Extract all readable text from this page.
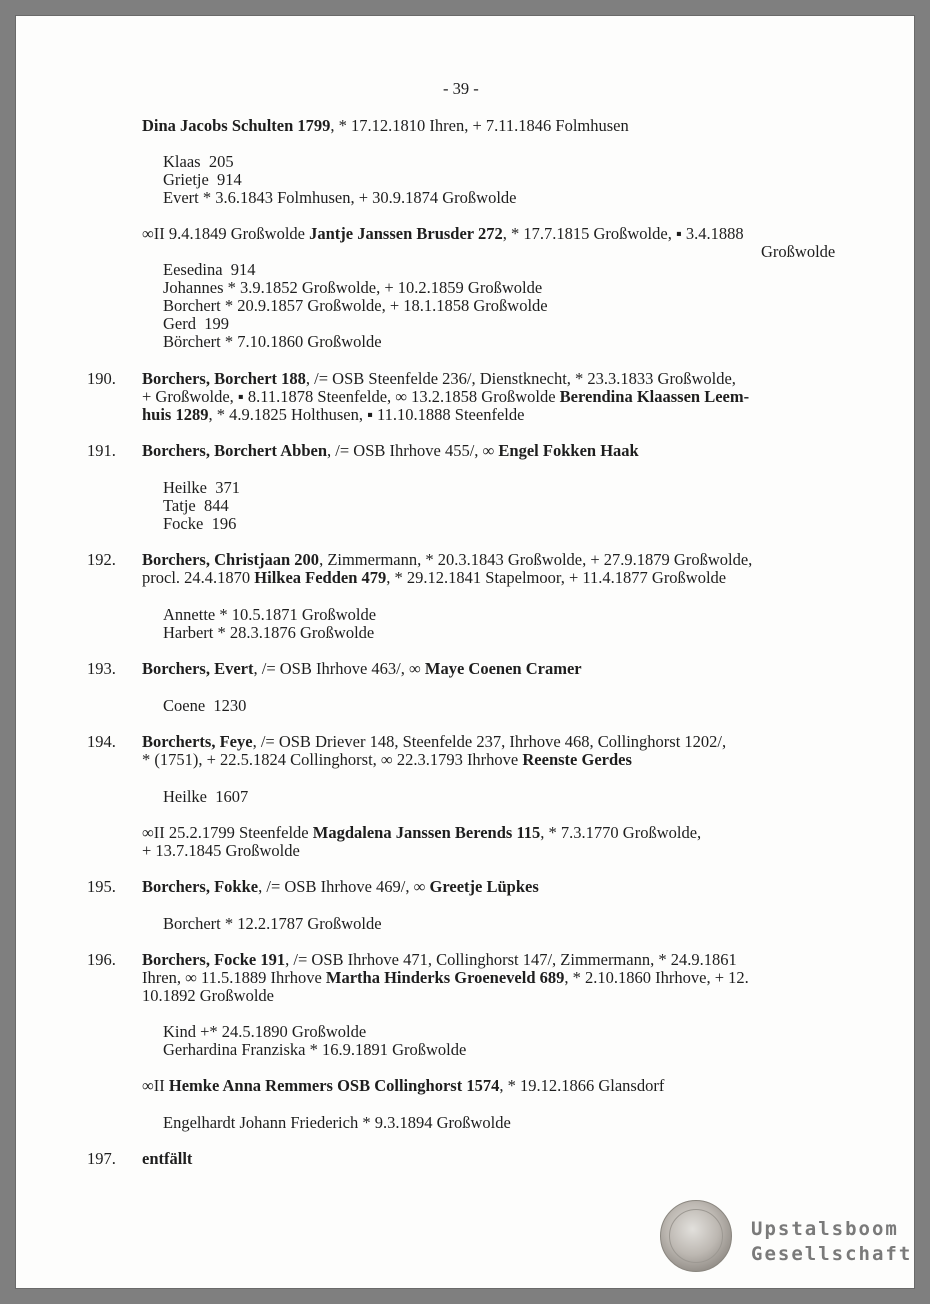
- 39 -
Dina Jacobs Schulten 1799, * 17.12.1810 Ihren, + 7.11.1846 Folmhusen
Klaas  205
Grietje  914
Evert * 3.6.1843 Folmhusen, + 30.9.1874 Großwolde
∞II 9.4.1849 Großwolde Jantje Janssen Brusder 272, * 17.7.1815 Großwolde, ▪ 3.4.1888
Großwolde
Eesedina  914
Johannes * 3.9.1852 Großwolde, + 10.2.1859 Großwolde
Borchert * 20.9.1857 Großwolde, + 18.1.1858 Großwolde
Gerd  199
Börchert * 7.10.1860 Großwolde
Borchers, Borchert 188, /= OSB Steenfelde 236/, Dienstknecht, * 23.3.1833 Großwolde,
+ Großwolde, ▪ 8.11.1878 Steenfelde, ∞ 13.2.1858 Großwolde Berendina Klaassen Leem-
huis 1289, * 4.9.1825 Holthusen, ▪ 11.10.1888 Steenfelde
Borchers, Borchert Abben, /= OSB Ihrhove 455/, ∞ Engel Fokken Haak
Heilke  371
Tatje  844
Focke  196
Borchers, Christjaan 200, Zimmermann, * 20.3.1843 Großwolde, + 27.9.1879 Großwolde,
procl. 24.4.1870 Hilkea Fedden 479, * 29.12.1841 Stapelmoor, + 11.4.1877 Großwolde
Annette * 10.5.1871 Großwolde
Harbert * 28.3.1876 Großwolde
Borchers, Evert, /= OSB Ihrhove 463/, ∞ Maye Coenen Cramer
Coene  1230
Borcherts, Feye, /= OSB Driever 148, Steenfelde 237, Ihrhove 468, Collinghorst 1202/,
* (1751), + 22.5.1824 Collinghorst, ∞ 22.3.1793 Ihrhove Reenste Gerdes
Heilke  1607
∞II 25.2.1799 Steenfelde Magdalena Janssen Berends 115, * 7.3.1770 Großwolde,
+ 13.7.1845 Großwolde
Borchers, Fokke, /= OSB Ihrhove 469/, ∞ Greetje Lüpkes
Borchert * 12.2.1787 Großwolde
Borchers, Focke 191, /= OSB Ihrhove 471, Collinghorst 147/, Zimmermann, * 24.9.1861
Ihren, ∞ 11.5.1889 Ihrhove Martha Hinderks Groeneveld 689, * 2.10.1860 Ihrhove, + 12.
10.1892 Großwolde
Kind +* 24.5.1890 Großwolde
Gerhardina Franziska * 16.9.1891 Großwolde
∞II Hemke Anna Remmers OSB Collinghorst 1574, * 19.12.1866 Glansdorf
Engelhardt Johann Friederich * 9.3.1894 Großwolde
entfällt
190.
191.
192.
193.
194.
195.
196.
197.
Upstalsboom
Gesellschaft
